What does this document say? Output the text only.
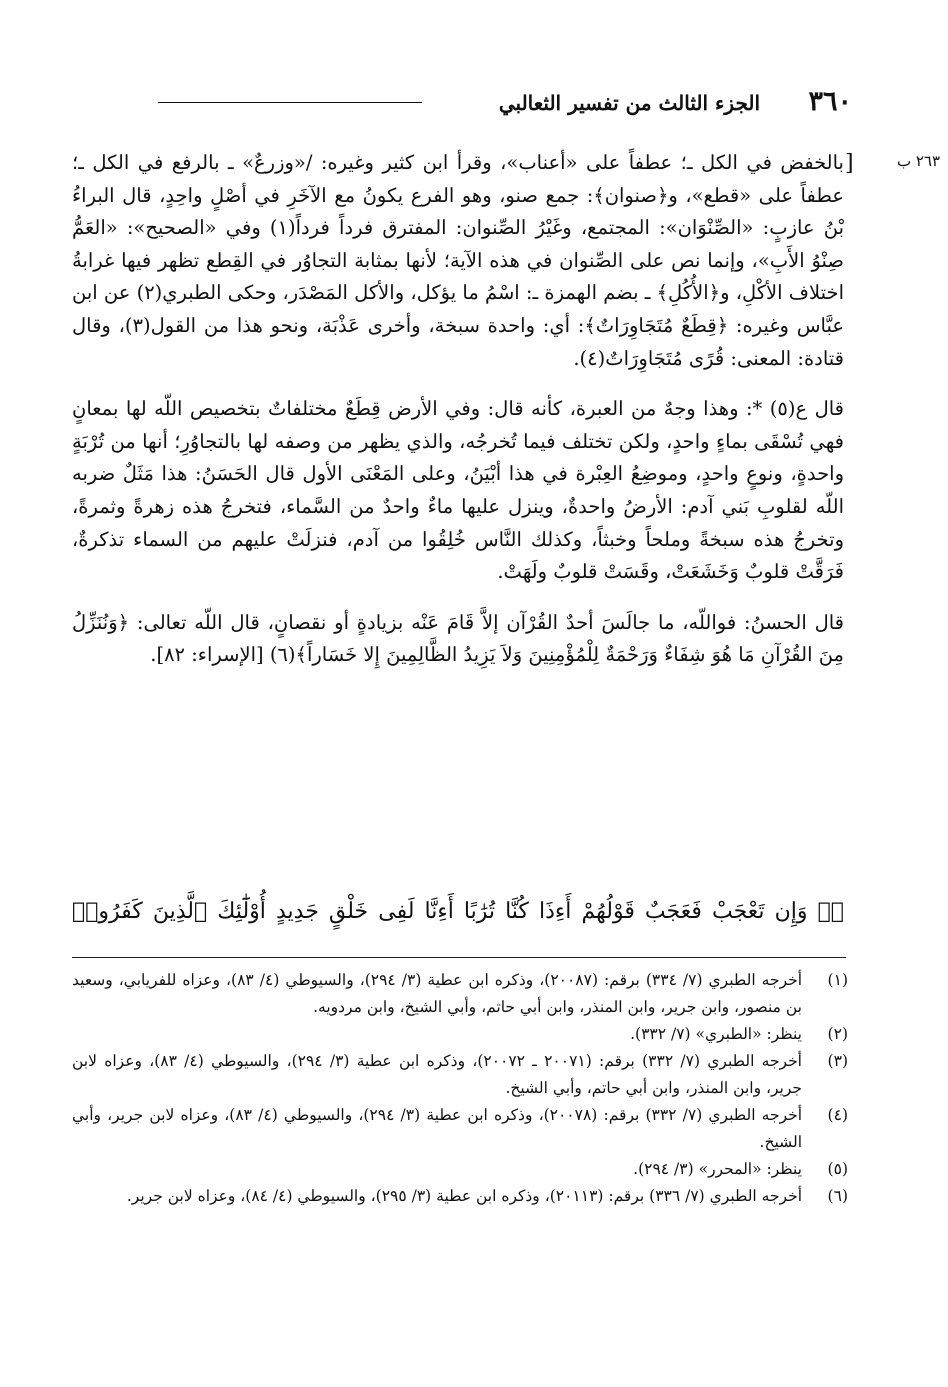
٣٦٠
الجزء الثالث من تفسير الثعالبي
٢٦٣ ب
[

بالخفض في الكل ـ؛ عطفاً على «أعناب»، وقرأ ابن كثير وغيره: /«وزرعٌ» ـ بالرفع في الكل ـ؛ عطفاً على «قطع»، و﴿صنوان﴾: جمع صنو، وهو الفرع يكونُ مع الآخَرِ في أصْلٍ واحِدٍ، قال البراءُ بْنُ عازبٍ: «الصِّنْوَان»: المجتمع، وغَيْرُ الصِّنوان: المفترق فرداً فرداً(١) وفي «الصحيح»: «العَمُّ صِنْوُ الأَبِ»، وإنما نص على الصِّنوان في هذه الآية؛ لأنها بمثابة التجاوُر في القِطع تظهر فيها غرابةُ اختلاف الأكْلِ، و﴿الأُكُلِ﴾ ـ بضم الهمزة ـ: اسْمُ ما يؤكل، والأكل المَصْدَر، وحكى الطبري(٢) عن ابن عبَّاس وغيره: ﴿قِطَعٌ مُتَجَاوِرَاتٌ﴾: أي: واحدة سبخة، وأخرى عَذْبَة، ونحو هذا من القول(٣)، وقال قتادة: المعنى: قُرًى مُتَجَاوِرَاتٌ(٤).

قال ع(٥) *: وهذا وجهٌ من العبرة، كأنه قال: وفي الأرض قِطَعٌ مختلفاتٌ بتخصيص اللّه لها بمعانٍ فهي تُسْقَى بماءٍ واحدٍ، ولكن تختلف فيما تُخرجُه، والذي يظهر من وصفه لها بالتجاوُرِ؛ أنها من تُرْبَةٍ واحدةٍ، ونوعٍ واحدٍ، وموضِعُ العِبْرة في هذا أبْيَنُ، وعلى المَعْنَى الأول قال الحَسَنُ: هذا مَثَلٌ ضربه اللّه لقلوبِ بَني آدم: الأرضُ واحدةٌ، وينزل عليها ماءٌ واحدٌ من السَّماء، فتخرجُ هذه زهرةً وثمرةً، وتخرجُ هذه سبخةً وملحاً وخبثاً، وكذلك النَّاس خُلِقُوا من آدم، فنزلَتْ عليهم من السماء تذكرةٌ، فَرَقَّتْ قلوبٌ وَخَشَعَتْ، وقَسَتْ قلوبٌ ولَهَتْ.

قال الحسنُ: فواللّه، ما جالَسَ أحدٌ القُرْآن إلاَّ قَامَ عَنْه بزيادةٍ أو نقصانٍ، قال اللّه تعالى: ﴿وَنُنَزِّلُ مِنَ القُرْآنِ مَا هُوَ شِفَاءٌ وَرَحْمَةٌ لِلْمُؤْمِنِينَ وَلاَ يَزِيدُ الظَّالِمِينَ إِلا خَسَاراً﴾(٦) [الإسراء: ٨٢].

﴿۞ وَإِن تَعْجَبْ فَعَجَبٌ قَوْلُهُمْ أَءِذَا كُنَّا تُرَٰبًا أَءِنَّا لَفِى خَلْقٍ جَدِيدٍ أُوْلَٰٓئِكَ ٱلَّذِينَ كَفَرُوا۟
(١)
أخرجه الطبري (٧/ ٣٣٤) برقم: (٢٠٠٨٧)، وذكره ابن عطية (٣/ ٢٩٤)، والسيوطي (٤/ ٨٣)، وعزاه للفريابي، وسعيد بن منصور، وابن جرير، وابن المنذر، وابن أبي حاتم، وأبي الشيخ، وابن مردويه.
(٢)
ينظر: «الطبري» (٧/ ٣٣٢).
(٣)
أخرجه الطبري (٧/ ٣٣٢) برقم: (٢٠٠٧١ ـ ٢٠٠٧٢)، وذكره ابن عطية (٣/ ٢٩٤)، والسيوطي (٤/ ٨٣)، وعزاه لابن جرير، وابن المنذر، وابن أبي حاتم، وأبي الشيخ.
(٤)
أخرجه الطبري (٧/ ٣٣٢) برقم: (٢٠٠٧٨)، وذكره ابن عطية (٣/ ٢٩٤)، والسيوطي (٤/ ٨٣)، وعزاه لابن جرير، وأبي الشيخ.
(٥)
ينظر: «المحرر» (٣/ ٢٩٤).
(٦)
أخرجه الطبري (٧/ ٣٣٦) برقم: (٢٠١١٣)، وذكره ابن عطية (٣/ ٢٩٥)، والسيوطي (٤/ ٨٤)، وعزاه لابن جرير.
